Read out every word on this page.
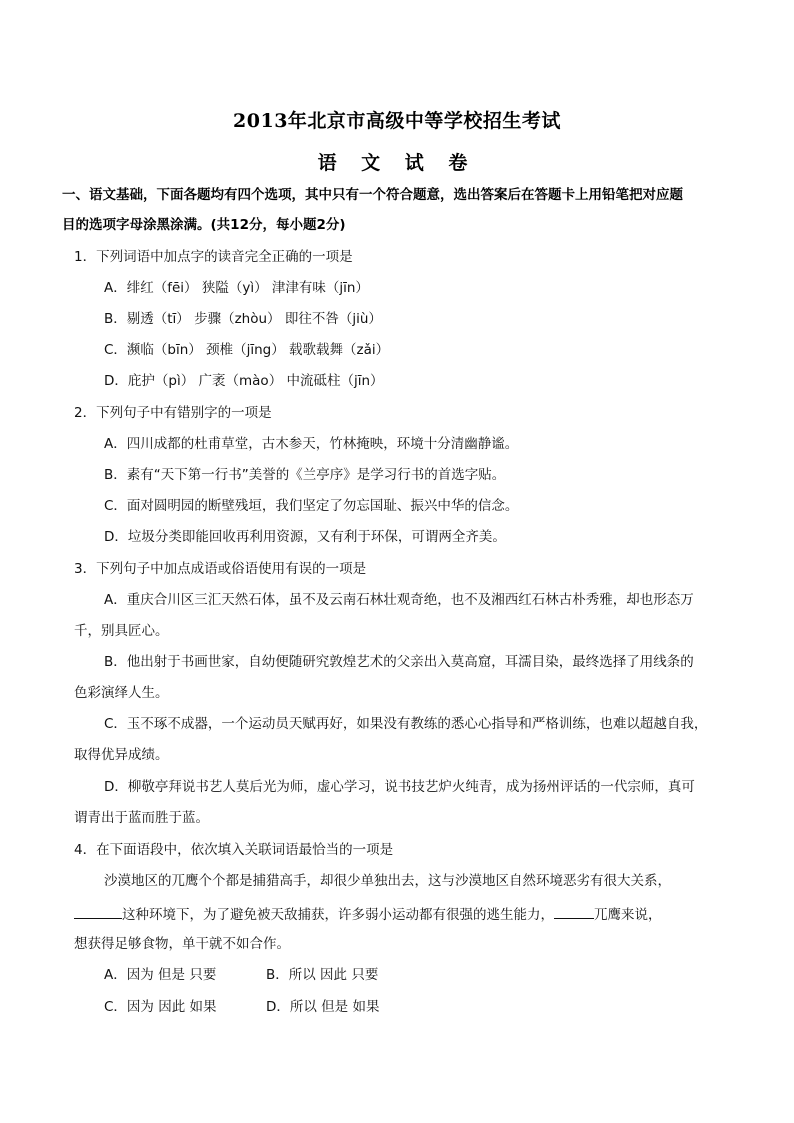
2013年北京市高级中等学校招生考试
语 文 试 卷
一、语文基础，下面各题均有四个选项，其中只有一个符合题意，选出答案后在答题卡上用铅笔把对应题
目的选项字母涂黑涂满。(共12分，每小题2分)
1．下列词语中加点字的读音完全正确的一项是
A．绯红（fēi） 狭隘（yì） 津津有味（jīn）
B．剔透（tī） 步骤（zhòu） 即往不咎（jiù）
C．濒临（bīn） 颈椎（jīng） 载歌载舞（zǎi）
D．庇护（pì） 广袤（mào） 中流砥柱（jīn）
2．下列句子中有错别字的一项是
A．四川成都的杜甫草堂，古木参天，竹林掩映，环境十分清幽静谧。
B．素有“天下第一行书”美誉的《兰亭序》是学习行书的首选字贴。
C．面对圆明园的断壁残垣，我们坚定了勿忘国耻、振兴中华的信念。
D．垃圾分类即能回收再利用资源，又有利于环保，可谓两全齐美。
3．下列句子中加点成语或俗语使用有误的一项是
A．重庆合川区三汇天然石体，虽不及云南石林壮观奇绝，也不及湘西红石林古朴秀雅，却也形态万
千，别具匠心。
B．他出射于书画世家，自幼便随研究敦煌艺术的父亲出入莫高窟，耳濡目染，最终选择了用线条的
色彩演绎人生。
C．玉不琢不成器，一个运动员天赋再好，如果没有教练的悉心心指导和严格训练，也难以超越自我，
取得优异成绩。
D．柳敬亭拜说书艺人莫后光为师，虚心学习，说书技艺炉火纯青，成为扬州评话的一代宗师，真可
谓青出于蓝而胜于蓝。
4．在下面语段中，依次填入关联词语最恰当的一项是
沙漠地区的兀鹰个个都是捕猎高手，却很少单独出去，这与沙漠地区自然环境恶劣有很大关系，
这种环境下，为了避免被天敌捕获，许多弱小运动都有很强的逃生能力，	兀鹰来说，
想获得足够食物，单干就不如合作。
A．因为 但是 只要	B．所以 因此 只要
C．因为 因此 如果	D．所以 但是 如果
